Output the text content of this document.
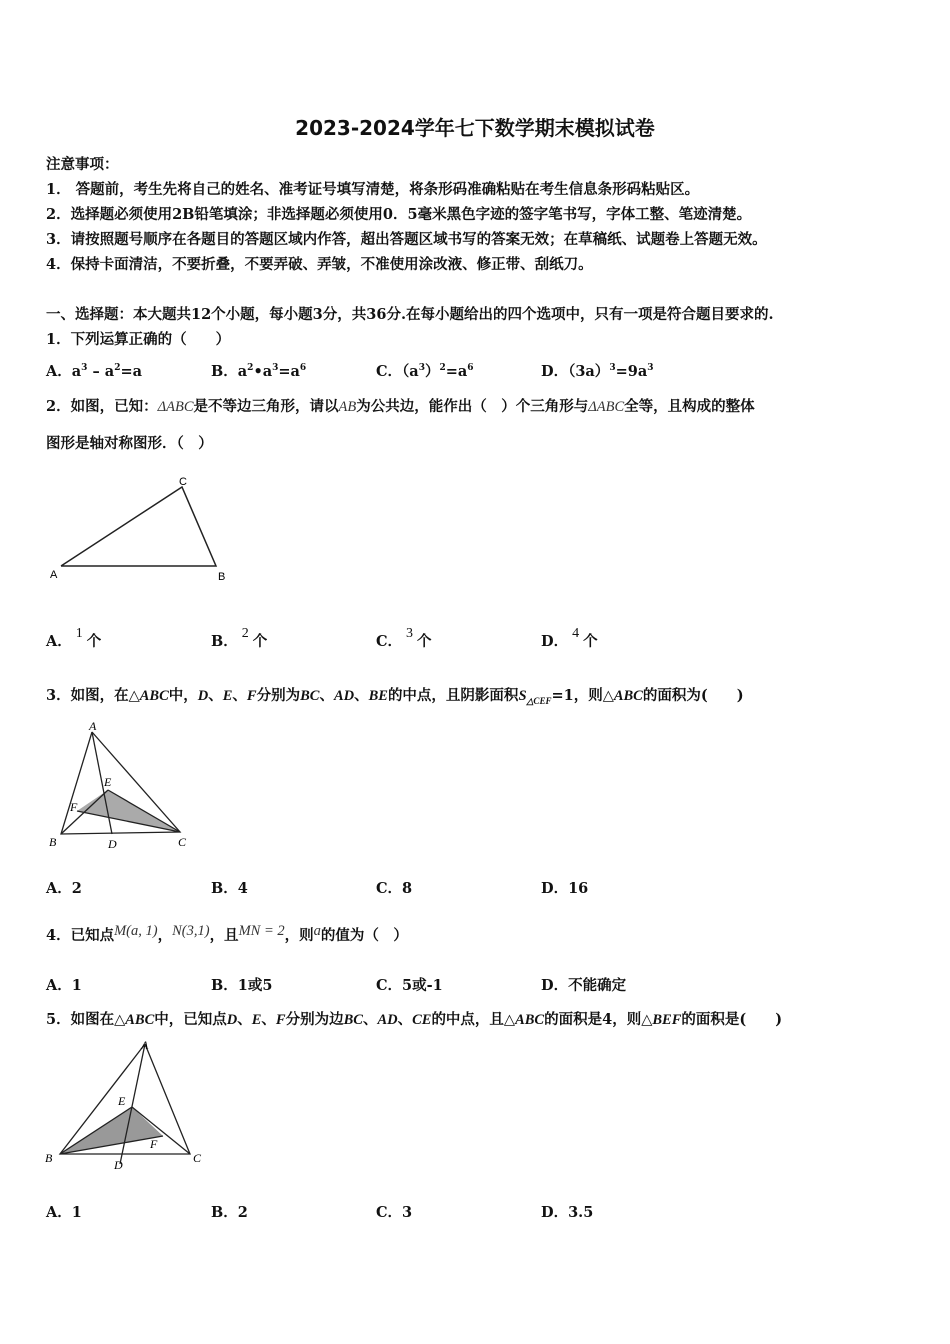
2023-2024学年七下数学期末模拟试卷
注意事项：
1． 答题前，考生先将自己的姓名、准考证号填写清楚，将条形码准确粘贴在考生信息条形码粘贴区。
2．选择题必须使用2B铅笔填涂；非选择题必须使用0．5毫米黑色字迹的签字笔书写，字体工整、笔迹清楚。
3．请按照题号顺序在各题目的答题区域内作答，超出答题区域书写的答案无效；在草稿纸、试题卷上答题无效。
4．保持卡面清洁，不要折叠，不要弄破、弄皱，不准使用涂改液、修正带、刮纸刀。
一、选择题：本大题共12个小题，每小题3分，共36分.在每小题给出的四个选项中，只有一项是符合题目要求的.
1．下列运算正确的（　　）
A．$a^3 - a^2=a$	B．$a^2•a^3=a^6$	C．$(a^3)^2=a^6$	D．$(3a)^3=9a^3$
2．如图，已知：ΔABC是不等边三角形，请以AB为公共边，能作出（　）个三角形与ΔABC全等，且构成的整体
图形是轴对称图形．（　）
A	B
C
A． 1 个	B． 2 个	C． 3 个	D． 4 个
3．如图，在△ABC中，D、E、F分别为BC、AD、BE的中点，且阴影面积$S_{\triangle CEF}=1$，则△ABC的面积为(　　)
A
B	C
D
E
F
A．2	B．4	C．8	D．16
4．已知点M(a, 1)，N(3,1)，且MN = 2，则a的值为（　）
A．1	B．1或5	C．5或-1	D．不能确定
5．如图在△ABC中，已知点D、E、F分别为边BC、AD、CE的中点，且△ABC的面积是4，则△BEF的面积是(　　)
A
B	C
D
E
F
A．1	B．2	C．3	D．3.5
